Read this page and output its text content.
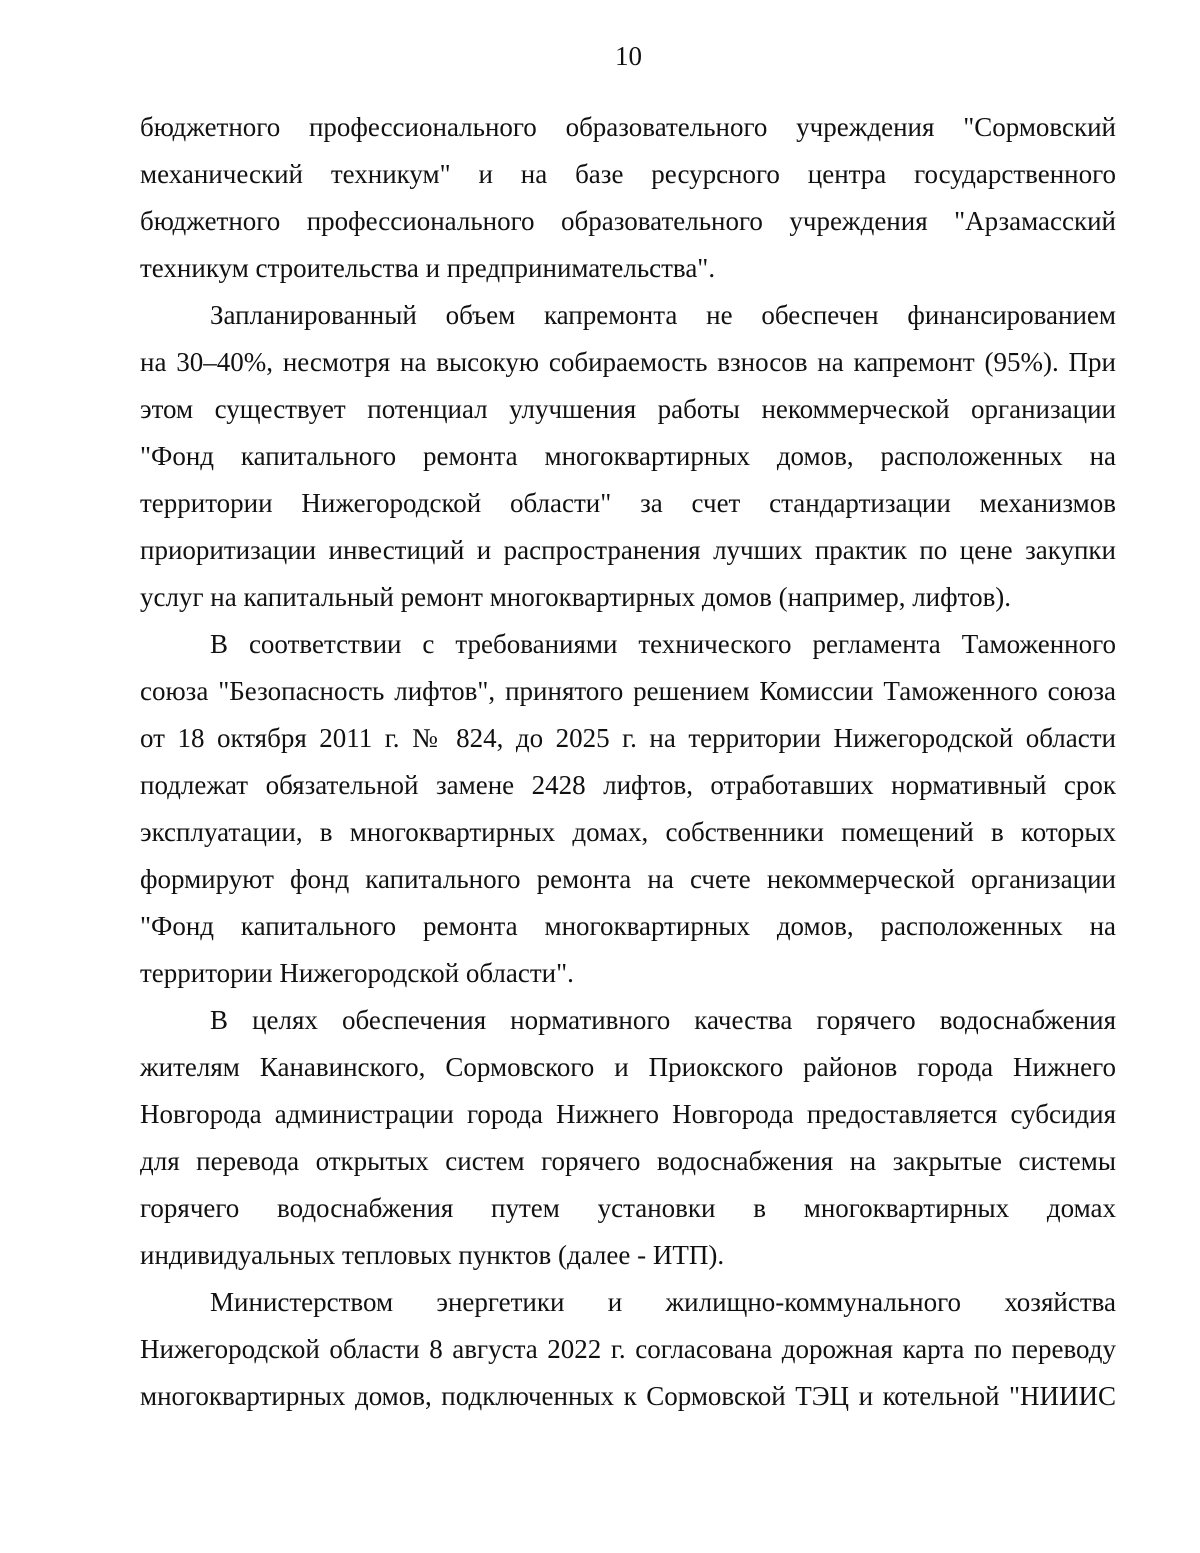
10
бюджетного профессионального образовательного учреждения "Сормовский
механический техникум" и на базе ресурсного центра государственного
бюджетного профессионального образовательного учреждения "Арзамасский
техникум строительства и предпринимательства".
Запланированный объем капремонта не обеспечен финансированием
на 30–40%, несмотря на высокую собираемость взносов на капремонт (95%). При
этом существует потенциал улучшения работы некоммерческой организации
"Фонд капитального ремонта многоквартирных домов, расположенных на
территории Нижегородской области" за счет стандартизации механизмов
приоритизации инвестиций и распространения лучших практик по цене закупки
услуг на капитальный ремонт многоквартирных домов (например, лифтов).
В соответствии с требованиями технического регламента Таможенного
союза "Безопасность лифтов", принятого решением Комиссии Таможенного союза
от 18 октября 2011 г. № 824, до 2025 г. на территории Нижегородской области
подлежат обязательной замене 2428 лифтов, отработавших нормативный срок
эксплуатации, в многоквартирных домах, собственники помещений в которых
формируют фонд капитального ремонта на счете некоммерческой организации
"Фонд капитального ремонта многоквартирных домов, расположенных на
территории Нижегородской области".
В целях обеспечения нормативного качества горячего водоснабжения
жителям Канавинского, Сормовского и Приокского районов города Нижнего
Новгорода администрации города Нижнего Новгорода предоставляется субсидия
для перевода открытых систем горячего водоснабжения на закрытые системы
горячего водоснабжения путем установки в многоквартирных домах
индивидуальных тепловых пунктов (далее - ИТП).
Министерством энергетики и жилищно-коммунального хозяйства
Нижегородской области 8 августа 2022 г. согласована дорожная карта по переводу
многоквартирных домов, подключенных к Сормовской ТЭЦ и котельной "НИИИС
